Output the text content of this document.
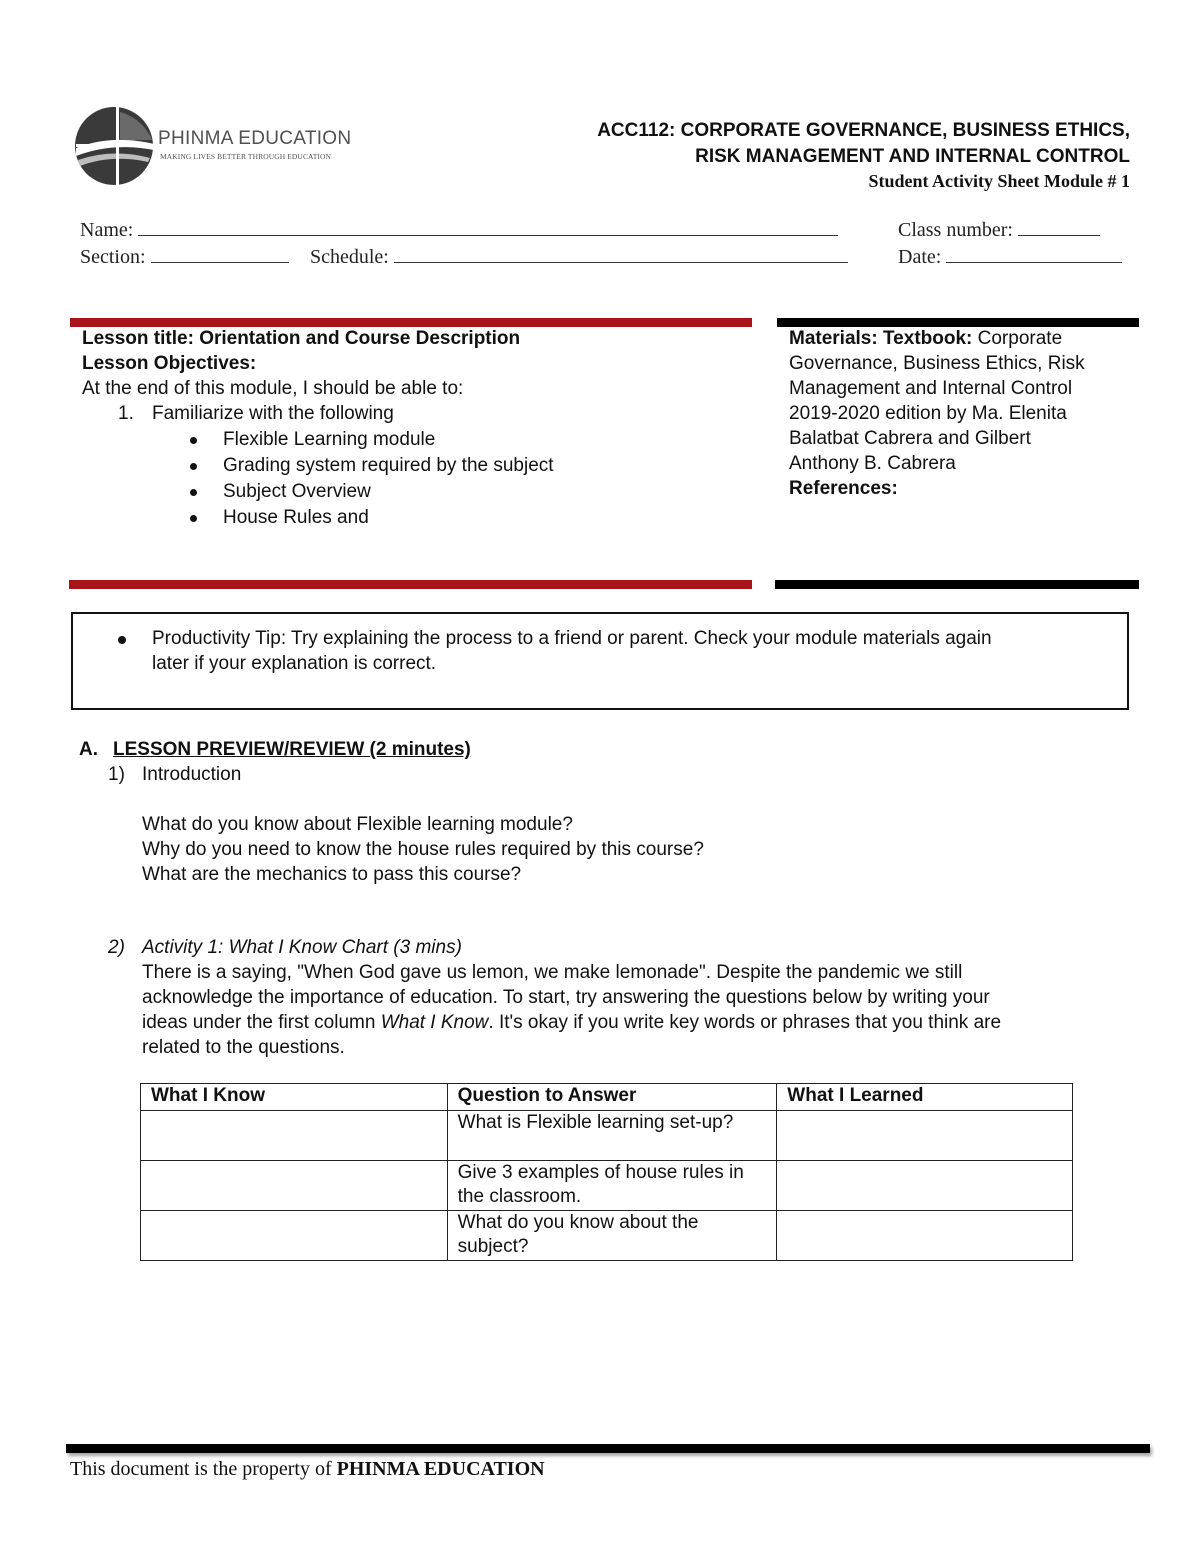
PHINMA EDUCATION
MAKING LIVES BETTER THROUGH EDUCATION
ACC112: CORPORATE GOVERNANCE, BUSINESS ETHICS,
RISK MANAGEMENT AND INTERNAL CONTROL
Student Activity Sheet Module # 1
Name:	Class number:
Section:	Schedule:	Date:
Lesson title: Orientation and Course Description
Lesson Objectives:
At the end of this module, I should be able to:
1. Familiarize with the following
Flexible Learning module
Grading system required by the subject
Subject Overview
House Rules and
Materials: Textbook: Corporate
Governance, Business Ethics, Risk
Management and Internal Control
2019-2020 edition by Ma. Elenita
Balatbat Cabrera and Gilbert
Anthony B. Cabrera
References:
Productivity Tip: Try explaining the process to a friend or parent. Check your module materials again
later if your explanation is correct.
A. LESSON PREVIEW/REVIEW (2 minutes)
1) Introduction
What do you know about Flexible learning module?
Why do you need to know the house rules required by this course?
What are the mechanics to pass this course?
2) Activity 1: What I Know Chart (3 mins)
There is a saying, "When God gave us lemon, we make lemonade". Despite the pandemic we still
acknowledge the importance of education. To start, try answering the questions below by writing your
ideas under the first column What I Know. It's okay if you write key words or phrases that you think are
related to the questions.
What I Know	Question to Answer	What I Learned
	What is Flexible learning set-up?	
	Give 3 examples of house rules in the classroom.	
	What do you know about the subject?	
This document is the property of PHINMA EDUCATION
